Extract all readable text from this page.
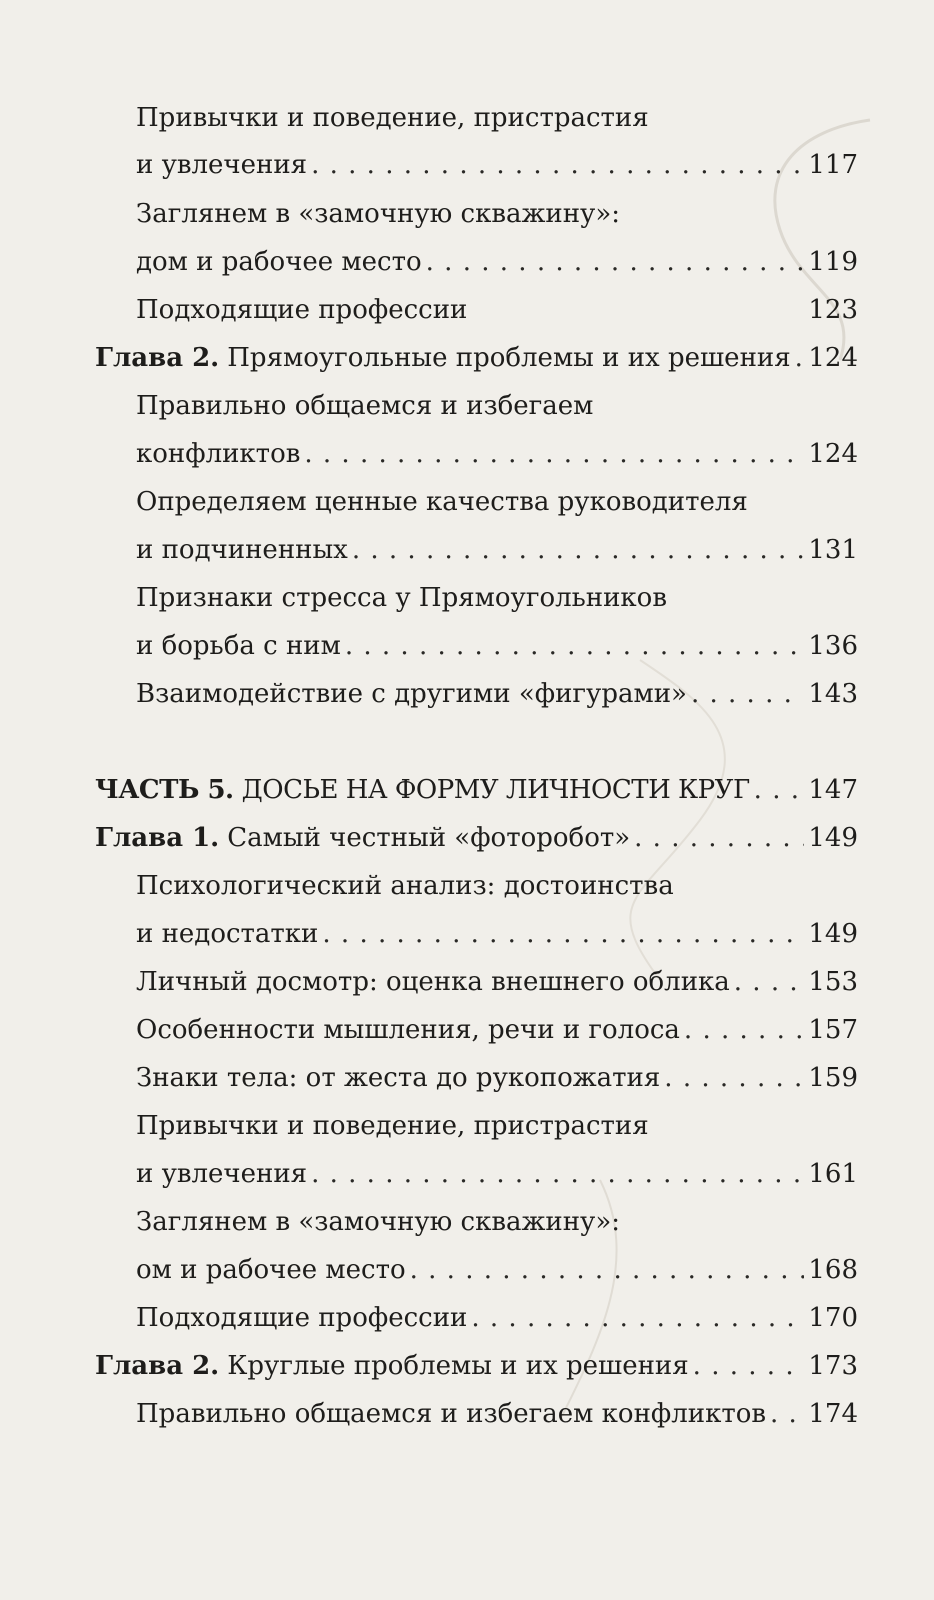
Привычки и поведение, пристрастия
и увлечения . . .	117
Заглянем в «замочную скважину»:
дом и рабочее место . . .	119
Подходящие профессии	123
Глава 2. Прямоугольные проблемы и их решения . . . 124
Правильно общаемся и избегаем
конфликтов . . .	124
Определяем ценные качества руководителя
и подчиненных . . .	131
Признаки стресса у Прямоугольников
и борьба с ним . . .	136
Взаимодействие с другими «фигурами» . . .	143
ЧАСТЬ 5. ДОСЬЕ НА ФОРМУ ЛИЧНОСТИ КРУГ . . . 147
Глава 1. Самый честный «фоторобот» . . .	149
Психологический анализ: достоинства
и недостатки . . .	149
Личный досмотр: оценка внешнего облика . . .	153
Особенности мышления, речи и голоса . . .	157
Знаки тела: от жеста до рукопожатия . . .	159
Привычки и поведение, пристрастия
и увлечения . . .	161
Заглянем в «замочную скважину»:
ом и рабочее место . . .	168
Подходящие профессии . . .	170
Глава 2. Круглые проблемы и их решения . . .	173
Правильно общаемся и избегаем конфликтов . . . 174
